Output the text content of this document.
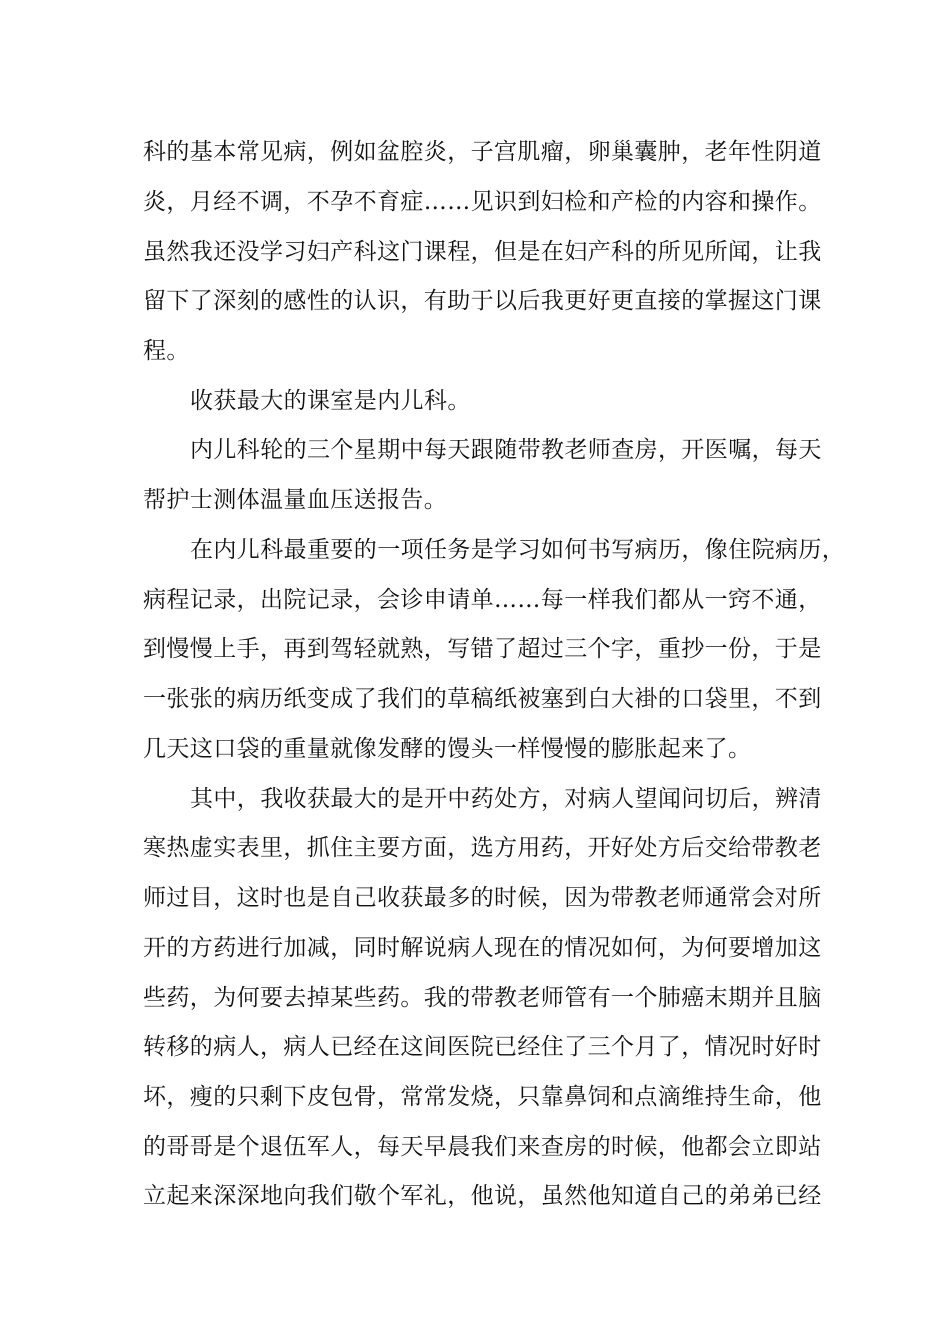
科的基本常见病，例如盆腔炎，子宫肌瘤，卵巢囊肿，老年性阴道
炎，月经不调，不孕不育症……见识到妇检和产检的内容和操作。
虽然我还没学习妇产科这门课程，但是在妇产科的所见所闻，让我
留下了深刻的感性的认识，有助于以后我更好更直接的掌握这门课
程。
收获最大的课室是内儿科。
内儿科轮的三个星期中每天跟随带教老师查房，开医嘱，每天
帮护士测体温量血压送报告。
在内儿科最重要的一项任务是学习如何书写病历，像住院病历，
病程记录，出院记录，会诊申请单……每一样我们都从一窍不通，
到慢慢上手，再到驾轻就熟，写错了超过三个字，重抄一份，于是
一张张的病历纸变成了我们的草稿纸被塞到白大褂的口袋里，不到
几天这口袋的重量就像发酵的馒头一样慢慢的膨胀起来了。
其中，我收获最大的是开中药处方，对病人望闻问切后，辨清
寒热虚实表里，抓住主要方面，选方用药，开好处方后交给带教老
师过目，这时也是自己收获最多的时候，因为带教老师通常会对所
开的方药进行加减，同时解说病人现在的情况如何，为何要增加这
些药，为何要去掉某些药。我的带教老师管有一个肺癌末期并且脑
转移的病人，病人已经在这间医院已经住了三个月了，情况时好时
坏，瘦的只剩下皮包骨，常常发烧，只靠鼻饲和点滴维持生命，他
的哥哥是个退伍军人，每天早晨我们来查房的时候，他都会立即站
立起来深深地向我们敬个军礼，他说，虽然他知道自己的弟弟已经
